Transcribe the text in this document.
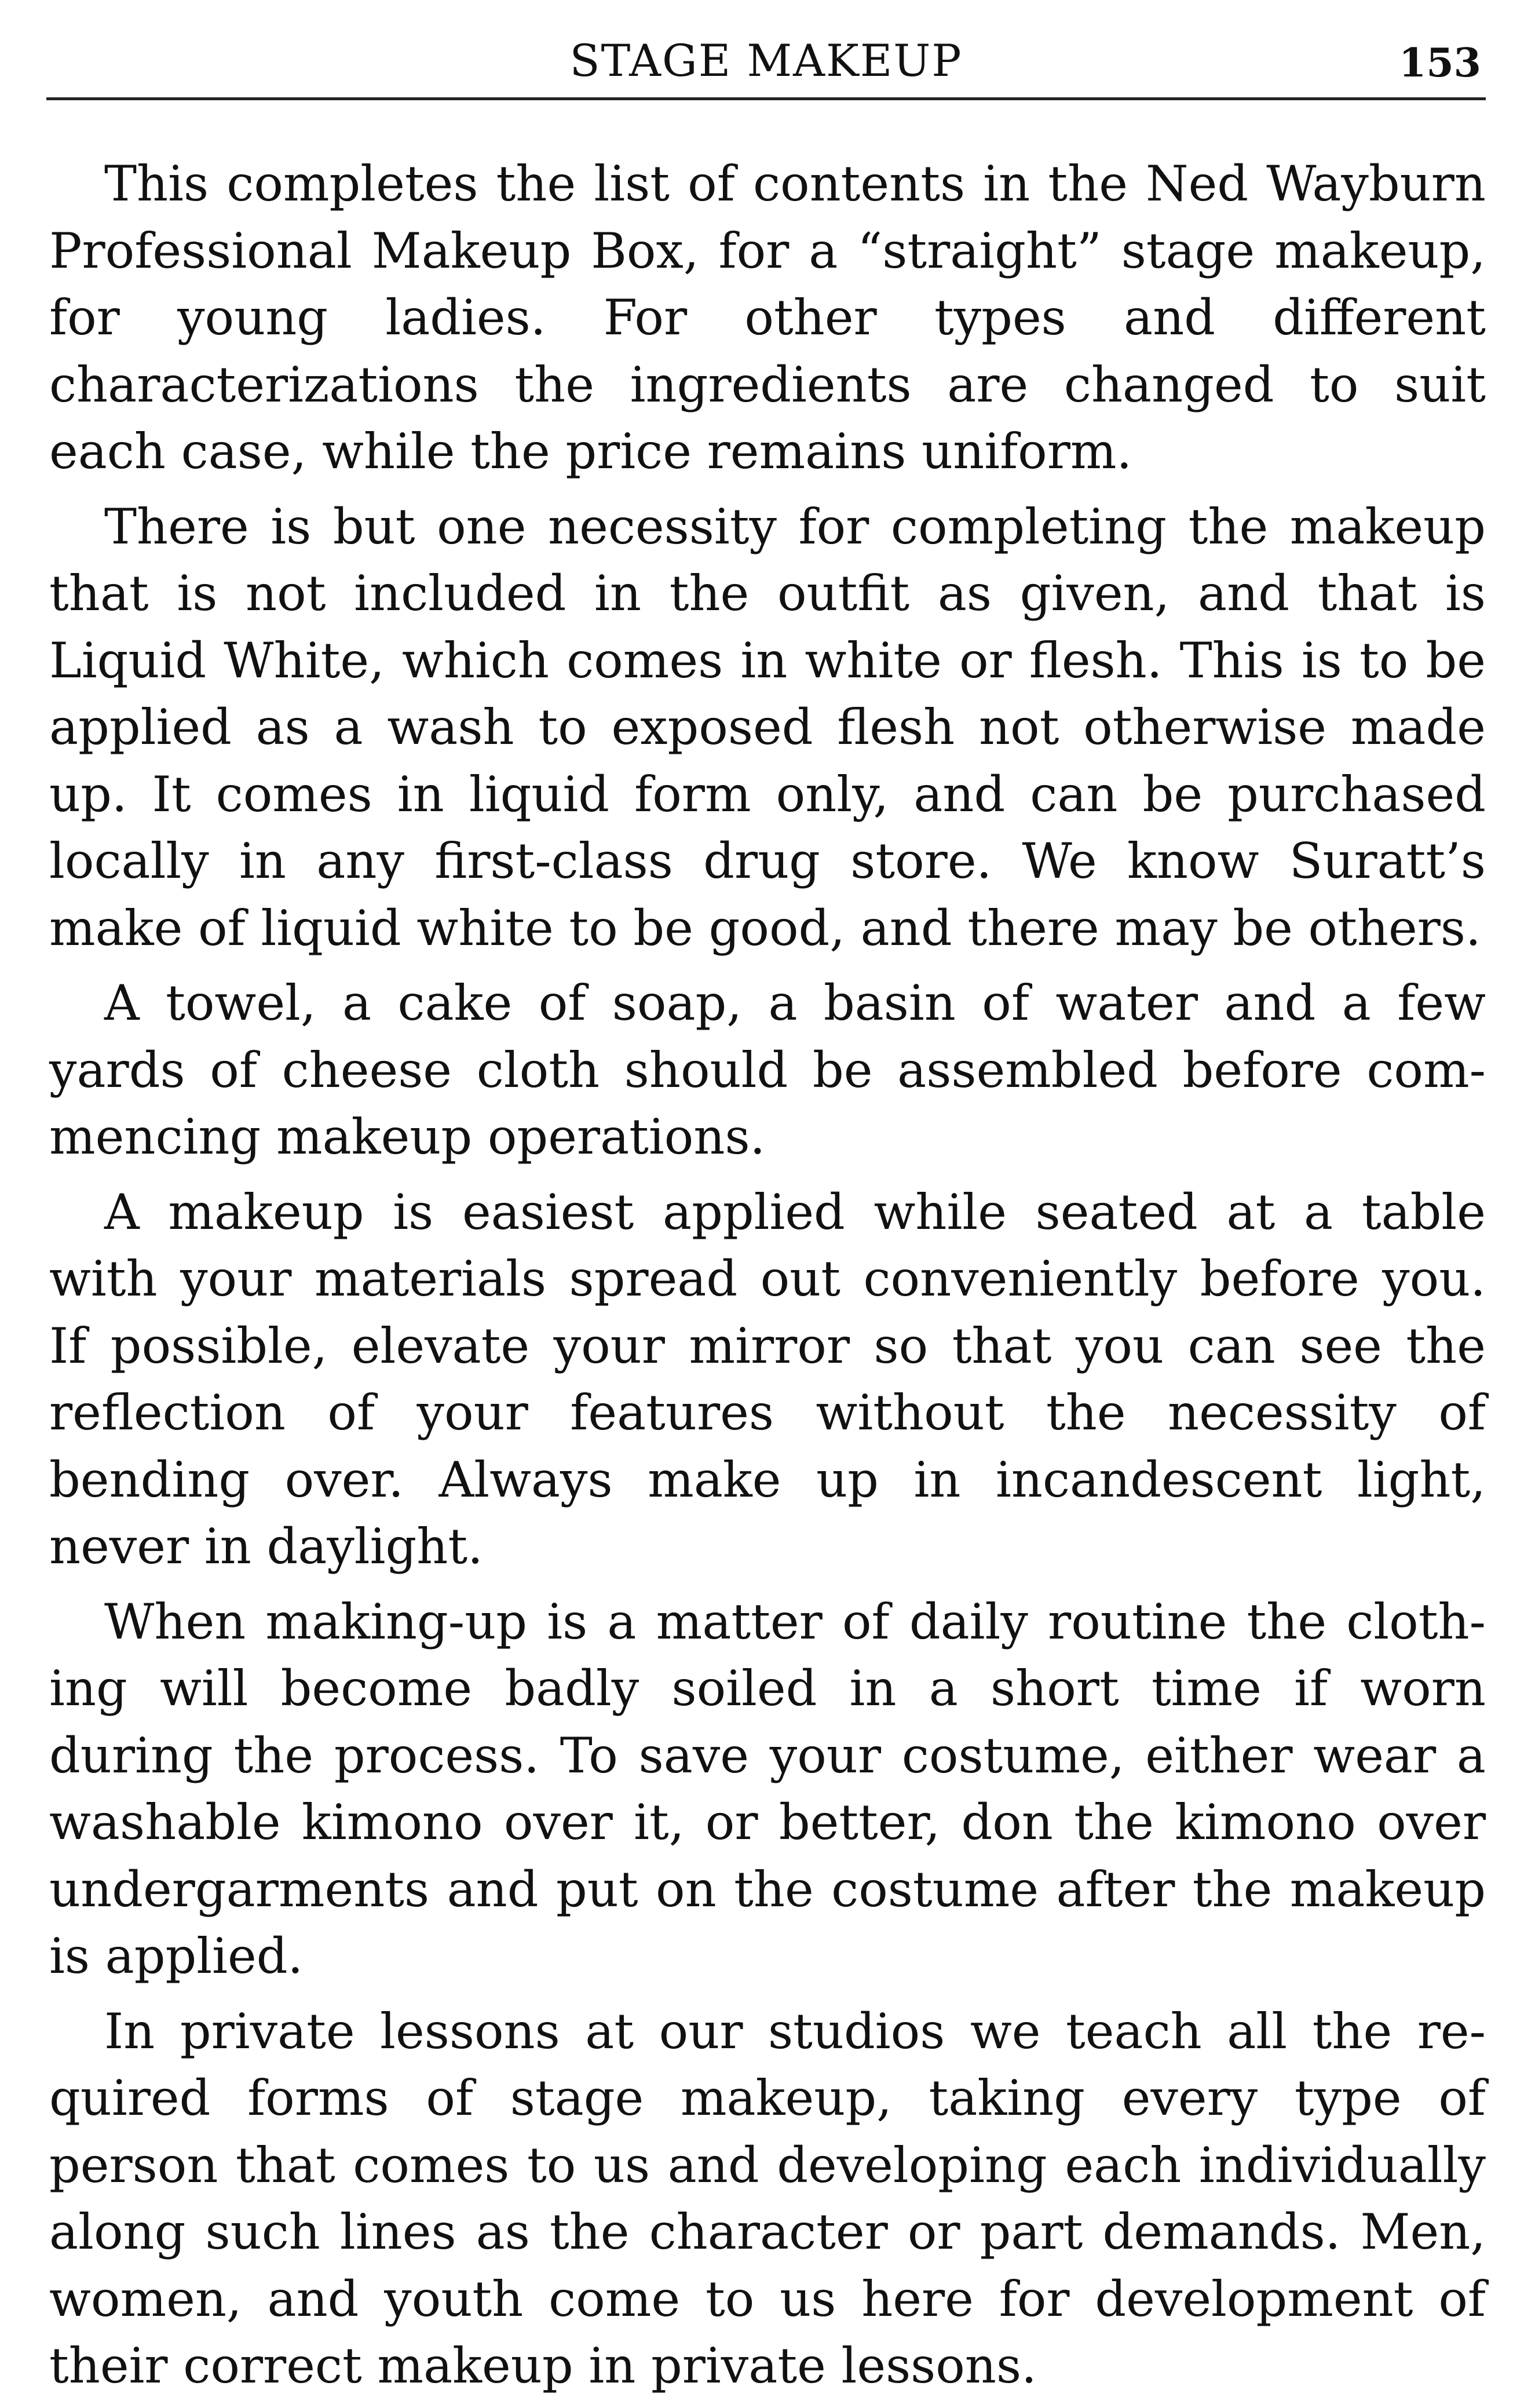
STAGE MAKEUP	153

This completes the list of contents in the Ned Wayburn Professional Makeup Box, for a “straight” stage makeup, for young ladies. For other types and different characterizations the ingredients are changed to suit each case, while the price remains uniform.

There is but one necessity for completing the makeup that is not included in the outfit as given, and that is Liquid White, which comes in white or flesh. This is to be applied as a wash to exposed flesh not otherwise made up. It comes in liquid form only, and can be purchased locally in any first-class drug store. We know Suratt’s make of liquid white to be good, and there may be others.

A towel, a cake of soap, a basin of water and a few yards of cheese cloth should be assembled before commencing makeup operations.

A makeup is easiest applied while seated at a table with your materials spread out conveniently before you. If possible, elevate your mirror so that you can see the reflection of your features without the necessity of bending over. Always make up in incandescent light, never in daylight.

When making-up is a matter of daily routine the clothing will become badly soiled in a short time if worn during the process. To save your costume, either wear a washable kimono over it, or better, don the kimono over undergarments and put on the costume after the makeup is applied.

In private lessons at our studios we teach all the required forms of stage makeup, taking every type of person that comes to us and developing each individually along such lines as the character or part demands. Men, women, and youth come to us here for development of their correct makeup in private lessons.
